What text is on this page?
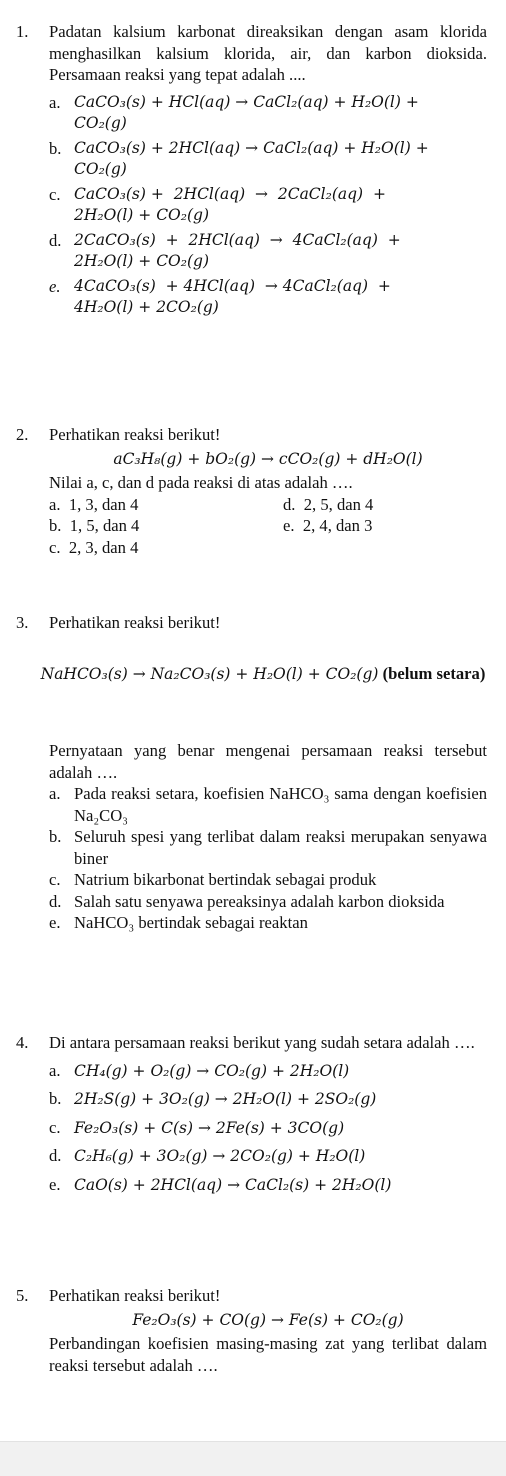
1. Padatan kalsium karbonat direaksikan dengan asam klorida menghasilkan kalsium klorida, air, dan karbon dioksida. Persamaan reaksi yang tepat adalah ....
a. CaCO₃(s) + HCl(aq) → CaCl₂(aq) + H₂O(l) +
CO₂(g)
b. CaCO₃(s) + 2HCl(aq) → CaCl₂(aq) + H₂O(l) +
CO₂(g)
c. CaCO₃(s) +  2HCl(aq)  →  2CaCl₂(aq)  +
2H₂O(l) + CO₂(g)
d. 2CaCO₃(s)  +  2HCl(aq)  →  4CaCl₂(aq)  +
2H₂O(l) + CO₂(g)
e. 4CaCO₃(s)  + 4HCl(aq)  → 4CaCl₂(aq)  +
4H₂O(l) + 2CO₂(g)
2. Perhatikan reaksi berikut!
aC₃H₈(g) + bO₂(g) → cCO₂(g) + dH₂O(l)
Nilai a, c, dan d pada reaksi di atas adalah ….
a. 1, 3, dan 4	d. 2, 5, dan 4
b. 1, 5, dan 4	e. 2, 4, dan 3
c. 2, 3, dan 4
3. Perhatikan reaksi berikut!
NaHCO₃(s) → Na₂CO₃(s) + H₂O(l) + CO₂(g) (belum setara)
Pernyataan yang benar mengenai persamaan reaksi tersebut adalah ….
a. Pada reaksi setara, koefisien NaHCO₃ sama dengan koefisien Na₂CO₃
b. Seluruh spesi yang terlibat dalam reaksi merupakan senyawa biner
c. Natrium bikarbonat bertindak sebagai produk
d. Salah satu senyawa pereaksinya adalah karbon dioksida
e. NaHCO₃ bertindak sebagai reaktan
4. Di antara persamaan reaksi berikut yang sudah setara adalah ….
a. CH₄(g) + O₂(g) → CO₂(g) + 2H₂O(l)
b. 2H₂S(g) + 3O₂(g) → 2H₂O(l) + 2SO₂(g)
c. Fe₂O₃(s) + C(s) → 2Fe(s) + 3CO(g)
d. C₂H₆(g) + 3O₂(g) → 2CO₂(g) + H₂O(l)
e. CaO(s) + 2HCl(aq) → CaCl₂(s) + 2H₂O(l)
5. Perhatikan reaksi berikut!
Fe₂O₃(s) + CO(g) → Fe(s) + CO₂(g)
Perbandingan koefisien masing-masing zat yang terlibat dalam reaksi tersebut adalah ….
